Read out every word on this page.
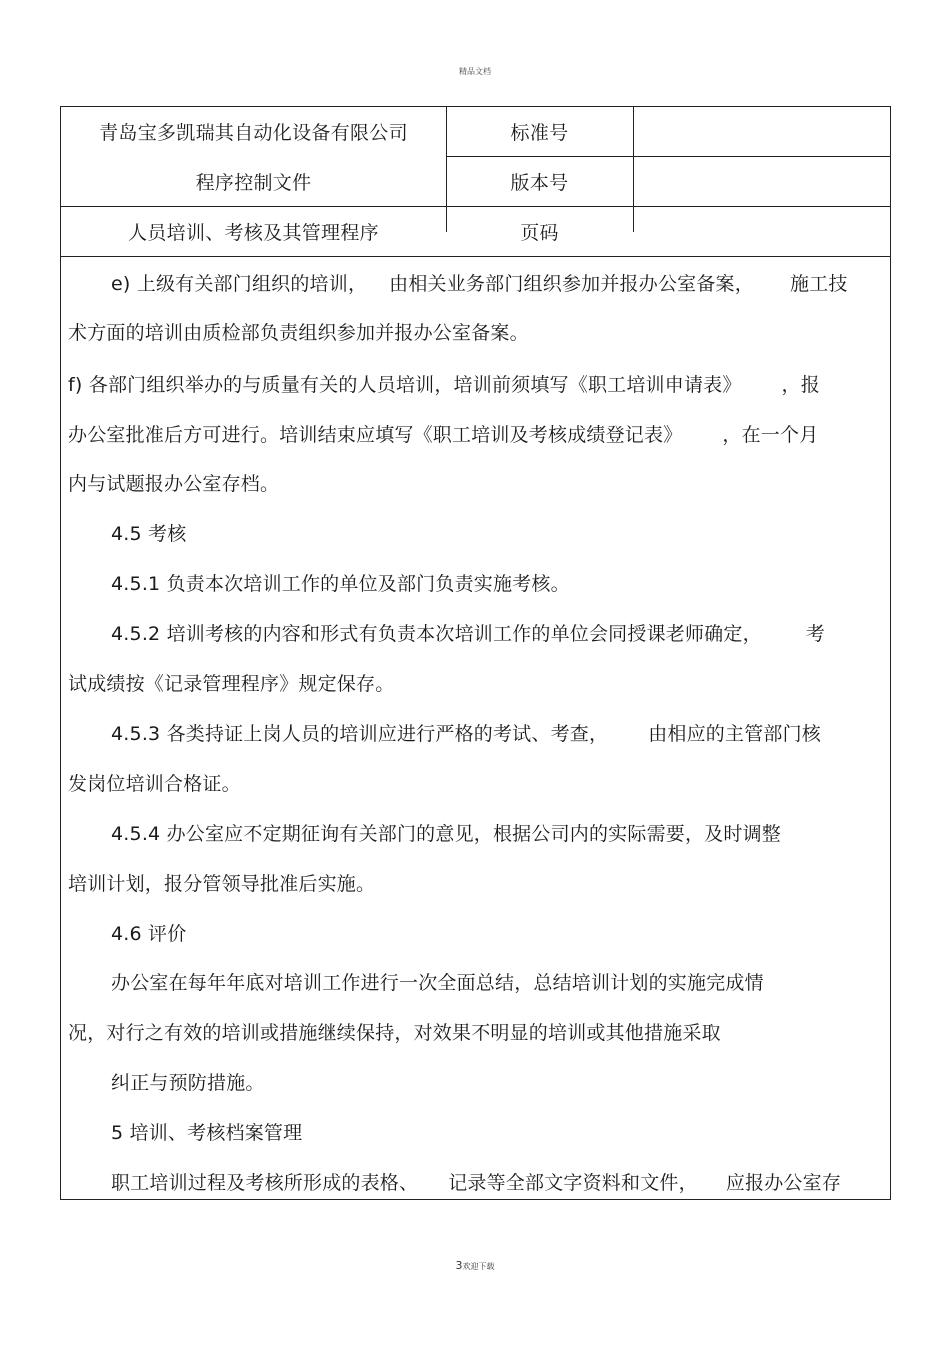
精品文档
青岛宝多凯瑞其自动化设备有限公司
程序控制文件
人员培训、考核及其管理程序
标准号
版本号
页码
e) 上级有关部门组织的培训， 由相关业务部门组织参加并报办公室备案， 施工技
术方面的培训由质检部负责组织参加并报办公室备案。
f) 各部门组织举办的与质量有关的人员培训，培训前须填写《职工培训申请表》 ，报
办公室批准后方可进行。培训结束应填写《职工培训及考核成绩登记表》 ，在一个月
内与试题报办公室存档。
4.5 考核
4.5.1 负责本次培训工作的单位及部门负责实施考核。
4.5.2 培训考核的内容和形式有负责本次培训工作的单位会同授课老师确定， 考
试成绩按《记录管理程序》规定保存。
4.5.3 各类持证上岗人员的培训应进行严格的考试、考查， 由相应的主管部门核
发岗位培训合格证。
4.5.4 办公室应不定期征询有关部门的意见，根据公司内的实际需要，及时调整
培训计划，报分管领导批准后实施。
4.6 评价
办公室在每年年底对培训工作进行一次全面总结，总结培训计划的实施完成情
况，对行之有效的培训或措施继续保持，对效果不明显的培训或其他措施采取
纠正与预防措施。
5 培训、考核档案管理
职工培训过程及考核所形成的表格、 记录等全部文字资料和文件， 应报办公室存
3欢迎下载
